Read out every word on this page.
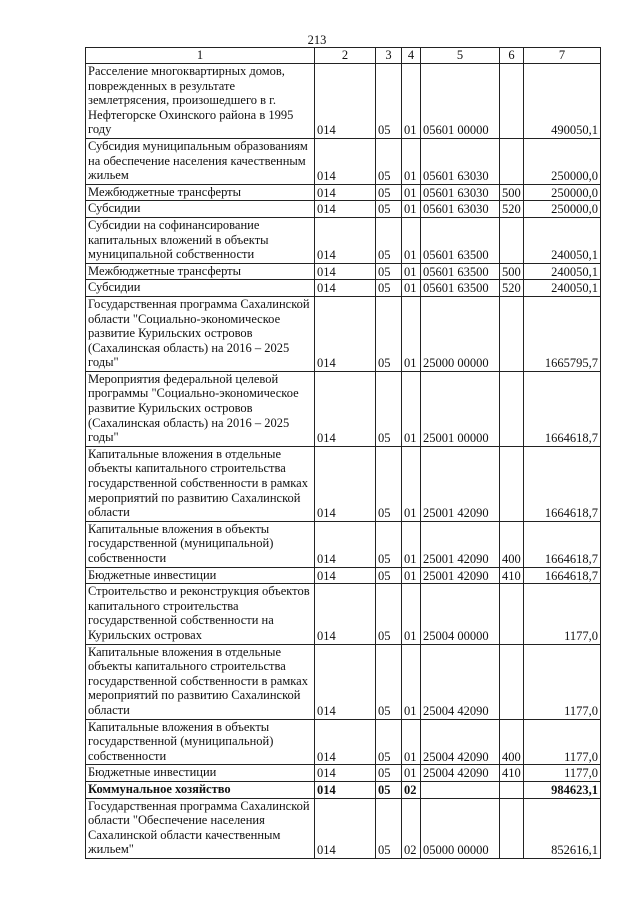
213
1	2	3	4	5	6	7
Расселение многоквартирных домов, поврежденных в результате землетрясения, произошедшего в г. Нефтегорске Охинского района в 1995 году	014	05	01	05601 00000		490050,1
Субсидия муниципальным образованиям на обеспечение населения качественным жильем	014	05	01	05601 63030		250000,0
Межбюджетные трансферты	014	05	01	05601 63030	500	250000,0
Субсидии	014	05	01	05601 63030	520	250000,0
Субсидии на софинансирование капитальных вложений в объекты муниципальной собственности	014	05	01	05601 63500		240050,1
Межбюджетные трансферты	014	05	01	05601 63500	500	240050,1
Субсидии	014	05	01	05601 63500	520	240050,1
Государственная программа Сахалинской области "Социально-экономическое развитие Курильских островов (Сахалинская область) на 2016 – 2025 годы"	014	05	01	25000 00000		1665795,7
Мероприятия федеральной целевой программы "Социально-экономическое развитие Курильских островов (Сахалинская область) на 2016 – 2025 годы"	014	05	01	25001 00000		1664618,7
Капитальные вложения в отдельные объекты капитального строительства государственной собственности в рамках мероприятий по развитию Сахалинской области	014	05	01	25001 42090		1664618,7
Капитальные вложения в объекты государственной (муниципальной) собственности	014	05	01	25001 42090	400	1664618,7
Бюджетные инвестиции	014	05	01	25001 42090	410	1664618,7
Строительство и реконструкция объектов капитального строительства государственной собственности на Курильских островах	014	05	01	25004 00000		1177,0
Капитальные вложения в отдельные объекты капитального строительства государственной собственности в рамках мероприятий по развитию Сахалинской области	014	05	01	25004 42090		1177,0
Капитальные вложения в объекты государственной (муниципальной) собственности	014	05	01	25004 42090	400	1177,0
Бюджетные инвестиции	014	05	01	25004 42090	410	1177,0
Коммунальное хозяйство	014	05	02			984623,1
Государственная программа Сахалинской области "Обеспечение населения Сахалинской области качественным жильем"	014	05	02	05000 00000		852616,1
